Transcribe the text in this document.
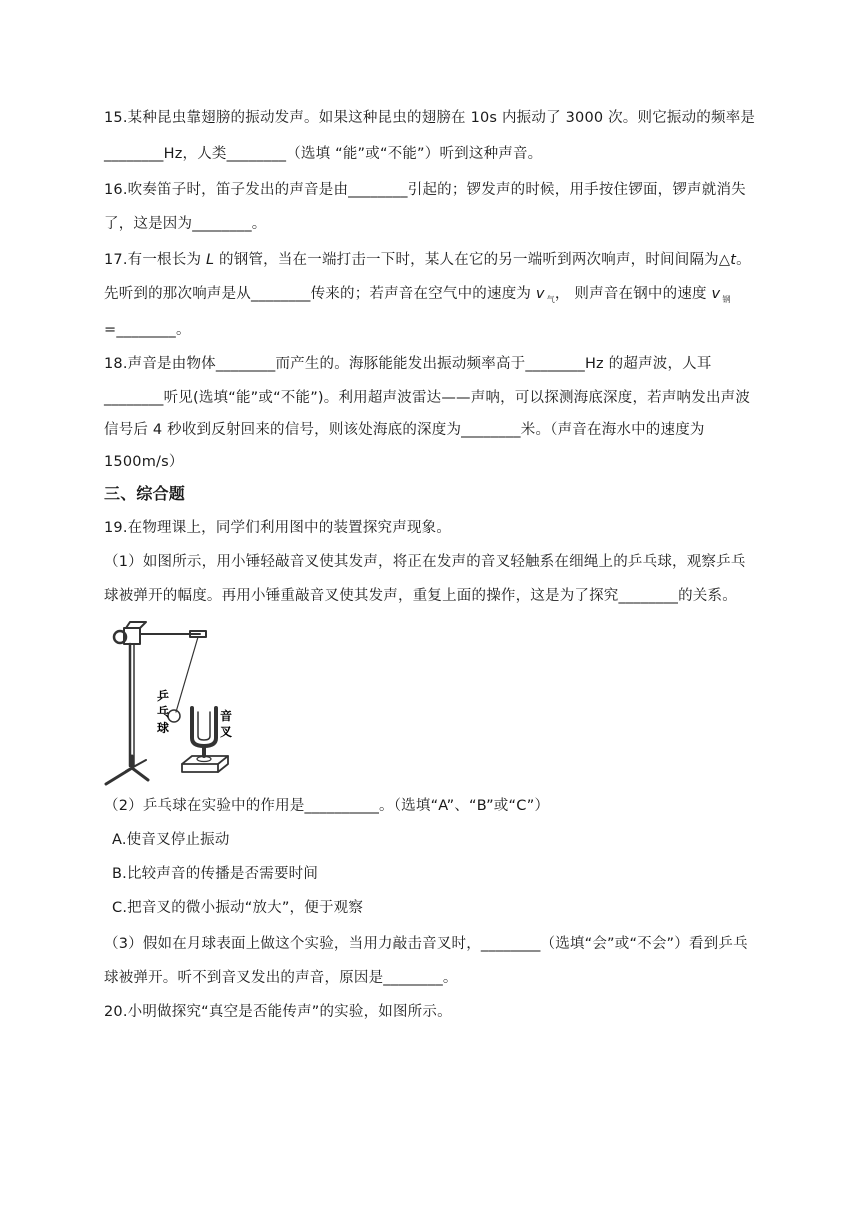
15.某种昆虫靠翅膀的振动发声。如果这种昆虫的翅膀在 10s 内振动了 3000 次。则它振动的频率是
________Hz，人类________（选填 “能”或“不能”）听到这种声音。
16.吹奏笛子时，笛子发出的声音是由________引起的；锣发声的时候，用手按住锣面，锣声就消失
了，这是因为________。
17.有一根长为 L 的钢管，当在一端打击一下时，某人在它的另一端听到两次响声，时间间隔为△t。
先听到的那次响声是从________传来的；若声音在空气中的速度为 v $_气$， 则声音在钢中的速度 v $_钢$
=________。
18.声音是由物体________而产生的。海豚能能发出振动频率高于________Hz 的超声波，人耳
________听见(选填“能”或“不能”)。利用超声波雷达——声呐，可以探测海底深度，若声呐发出声波
信号后 4 秒收到反射回来的信号，则该处海底的深度为________米。（声音在海水中的速度为
1500m/s）
三、综合题
19.在物理课上，同学们利用图中的装置探究声现象。
（1）如图所示，用小锤轻敲音叉使其发声，将正在发声的音叉轻触系在细绳上的乒乓球，观察乒乓
球被弹开的幅度。再用小锤重敲音叉使其发声，重复上面的操作，这是为了探究________的关系。
乒
乓
球
音
叉
（2）乒乓球在实验中的作用是__________。（选填“A”、“B”或“C”）
A.使音叉停止振动
B.比较声音的传播是否需要时间
C.把音叉的微小振动“放大”，便于观察
（3）假如在月球表面上做这个实验，当用力敲击音叉时，________（选填“会”或“不会”）看到乒乓
球被弹开。听不到音叉发出的声音，原因是________。
20.小明做探究“真空是否能传声”的实验，如图所示。
